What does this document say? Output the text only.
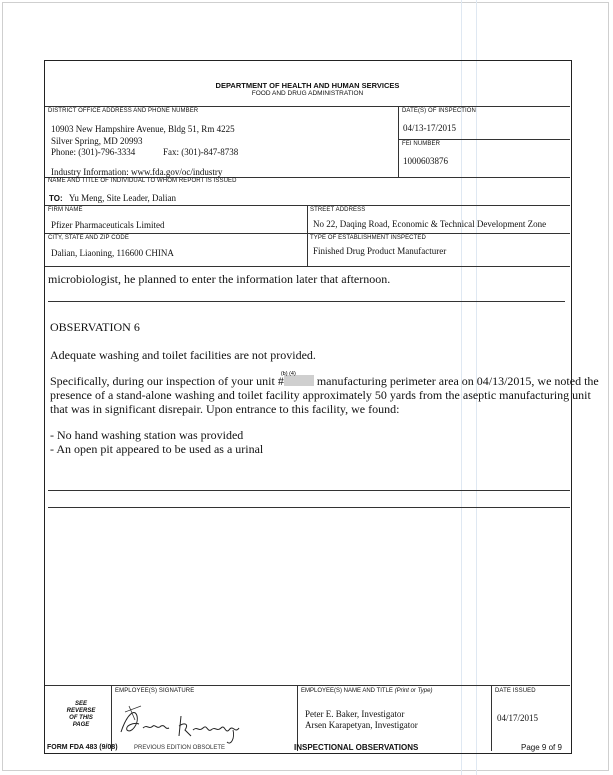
DEPARTMENT OF HEALTH AND HUMAN SERVICES
FOOD AND DRUG ADMINISTRATION
DISTRICT OFFICE ADDRESS AND PHONE NUMBER
10903 New Hampshire Avenue, Bldg 51, Rm 4225
Silver Spring, MD 20993
Phone: (301)-796-3334	Fax: (301)-847-8738
Industry Information: www.fda.gov/oc/industry
DATE(S) OF INSPECTION
04/13-17/2015
FEI NUMBER
1000603876
NAME AND TITLE OF INDIVIDUAL TO WHOM REPORT IS ISSUED
TO: Yu Meng, Site Leader, Dalian
FIRM NAME
Pfizer Pharmaceuticals Limited
STREET ADDRESS
No 22, Daqing Road, Economic & Technical Development Zone
CITY, STATE AND ZIP CODE
Dalian, Liaoning, 116600 CHINA
TYPE OF ESTABLISHMENT INSPECTED
Finished Drug Product Manufacturer
microbiologist, he planned to enter the information later that afternoon.
OBSERVATION 6
Adequate washing and toilet facilities are not provided.
Specifically, during our inspection of your unit #
(b) (4) manufacturing perimeter area on 04/13/2015, we noted the
presence of a stand-alone washing and toilet facility approximately 50 yards from the aseptic manufacturing unit
that was in significant disrepair. Upon entrance to this facility, we found:
- No hand washing station was provided
- An open pit appeared to be used as a urinal
SEE
REVERSE
OF THIS
PAGE
EMPLOYEE(S) SIGNATURE	EMPLOYEE(S) NAME AND TITLE (Print or Type)
Peter E. Baker, Investigator
Arsen Karapetyan, Investigator
DATE ISSUED
04/17/2015
FORM FDA 483 (9/08)	PREVIOUS EDITION OBSOLETE	INSPECTIONAL OBSERVATIONS	Page 9 of 9
